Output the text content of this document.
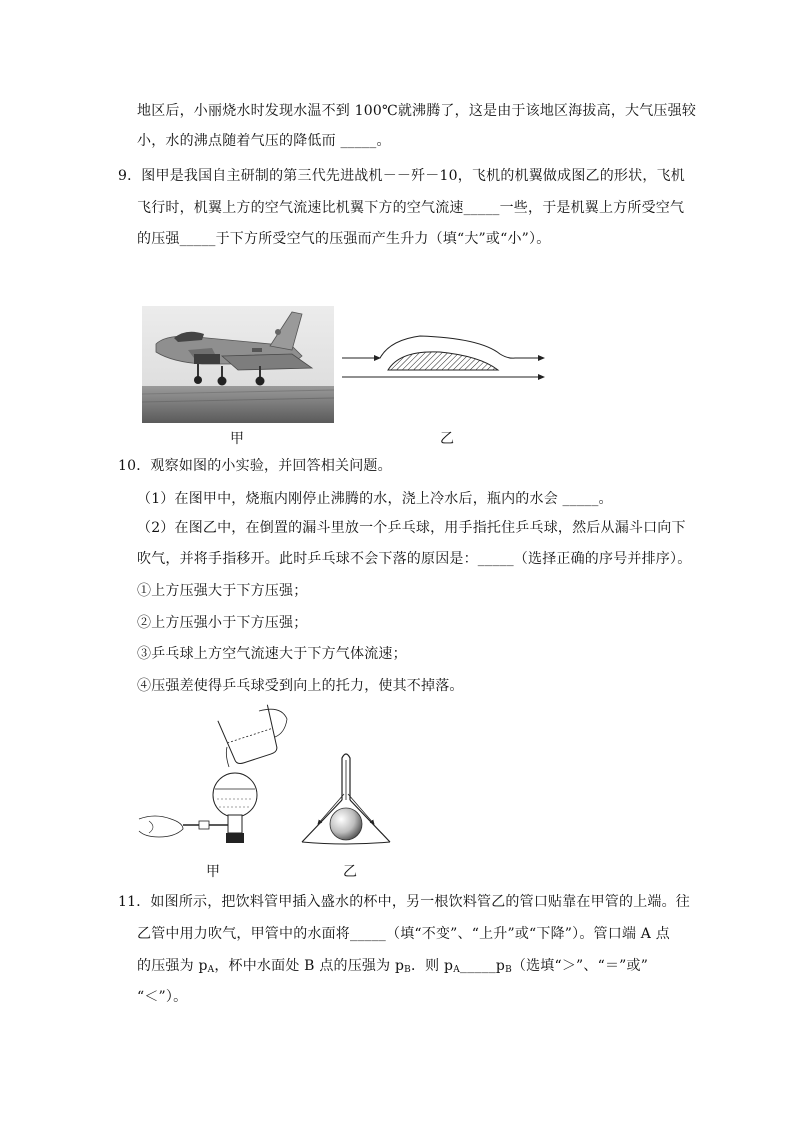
地区后，小丽烧水时发现水温不到 100℃就沸腾了，这是由于该地区海拔高，大气压强较
小，水的沸点随着气压的降低而 _____。
9．图甲是我国自主研制的第三代先进战机－－歼－10，飞机的机翼做成图乙的形状，飞机
飞行时，机翼上方的空气流速比机翼下方的空气流速_____一些，于是机翼上方所受空气
的压强_____于下方所受空气的压强而产生升力（填“大”或“小”）。
甲	乙
10．观察如图的小实验，并回答相关问题。
（1）在图甲中，烧瓶内刚停止沸腾的水，浇上冷水后，瓶内的水会 _____。
（2）在图乙中，在倒置的漏斗里放一个乒乓球，用手指托住乒乓球，然后从漏斗口向下
吹气，并将手指移开。此时乒乓球不会下落的原因是：_____（选择正确的序号并排序）。
①上方压强大于下方压强；
②上方压强小于下方压强；
③乒乓球上方空气流速大于下方气体流速；
④压强差使得乒乓球受到向上的托力，使其不掉落。
甲	乙
11．如图所示，把饮料管甲插入盛水的杯中，另一根饮料管乙的管口贴靠在甲管的上端。往
乙管中用力吹气，甲管中的水面将_____（填“不变”、“上升”或“下降”）。管口端 A 点
的压强为 $p_A$，杯中水面处 B 点的压强为 $p_B$．则 $p_A\_\_\_\_\_p_B$（选填“＞”、“＝”或”
“＜”）。
